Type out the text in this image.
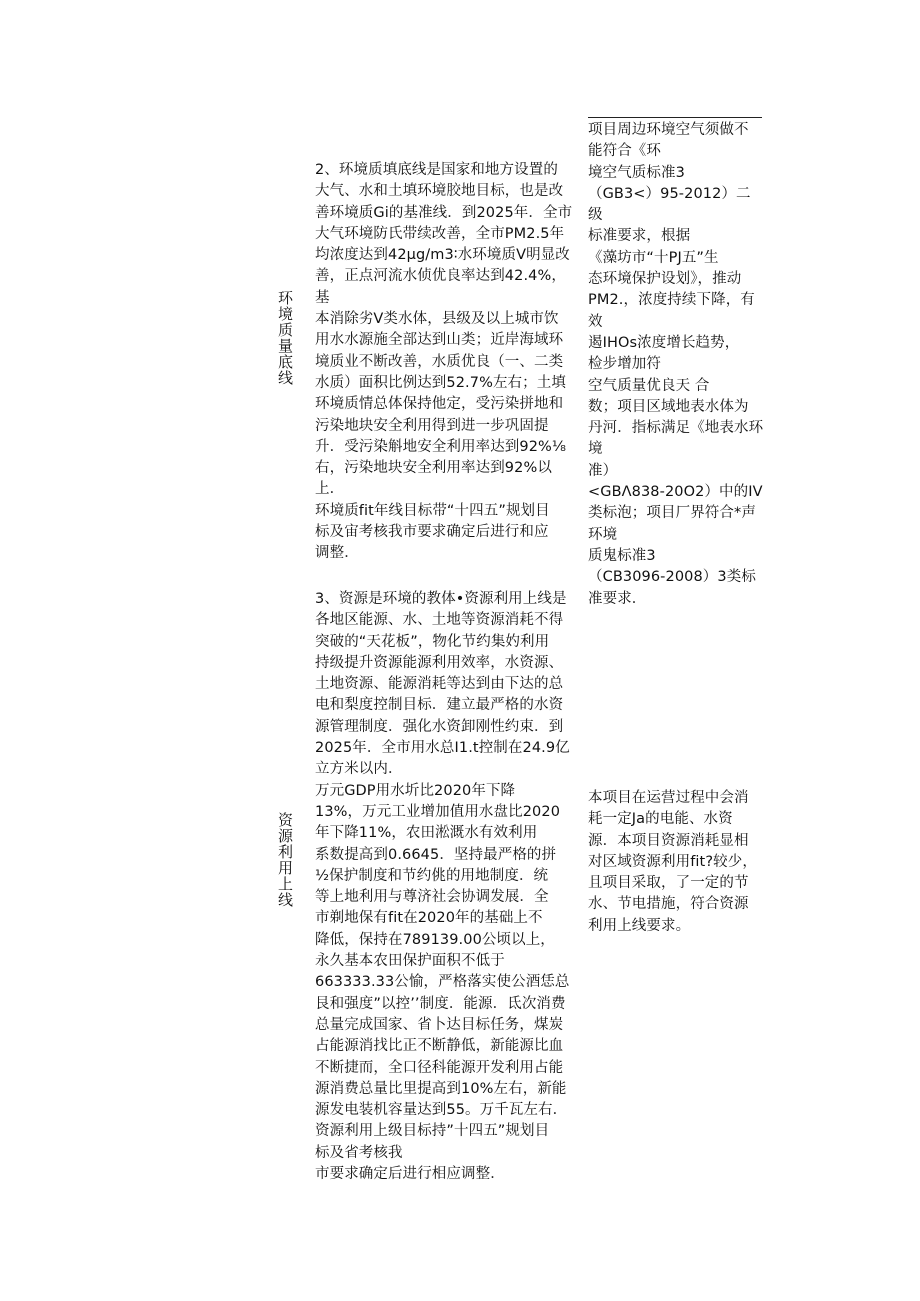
环境质量底线
2、环境质填底线是国家和地方设置的
大气、水和土填环境胶地目标，也是改
善环境质Gi的基准线．到2025年．全市
大气环境防氏带续改善，全市PM2.5年
均浓度达到42μg∕m3∶水环境质V明显改
善，正点河流水侦优良率达到42.4%，基
本消除劣V类水体，县级及以上城市饮
用水水源施全部达到山类；近岸海域环
境质业不断改善，水质优良（一、二类
水质）面积比例达到52.7%左右；土填
环境质情总体保持他定，受污染拼地和
污染地块安全利用得到进一步巩固提
升．受污染斛地安全利用率达到92%⅛
右，污染地块安全利用率达到92%以上．
环境质fit年线目标带“十四五”规划目
标及宙考核我市要求确定后进行和应
调整．
项目周边环境空气须做不
能符合《环
境空气质标准3
（GB3<）95-2012）二级
标准要求，根据
《藻坊市“十PJ五”生
态环境保护设划》，推动
PM2.，浓度持续下降，有效
遏IHOs浓度增长趋势，
检步增加符
空气质量优良天 合
数；项目区域地表水体为
丹河．指标满足《地表水环
境
准）
<GBΛ838-20O2）中的IV
类标泡；项目厂界符合*声
环境
质鬼标准3
（CB3096-2008）3类标
准要求．
资源利用上线
3、资源是环境的教体•资源利用上线是
各地区能源、水、土地等资源消耗不得
突破的“天花板”，物化节约集妁利用
持级提升资源能源利用效率，水资源、
土地资源、能源消耗等达到由下达的总
电和梨度控制目标．建立最严格的水资
源管理制度．强化水资卸刚性约束．到
2025年．全市用水总I1.t控制在24.9亿
立方米以内．
万元GDP用水圻比2020年下降
13%，万元工业增加值用水盘比2020
年下降11%，农田淞溉水有效利用
系数提高到0.6645．坚持最严格的拼
½保护制度和节约佻的用地制度．统
等上地利用与尊济社会协调发展．全
市剃地保有fit在2020年的基础上不
降低，保持在789139.00公顷以上，
永久基本农田保护面积不低于
663333.33公愉，严格落实使公酒恁总
艮和强度”以控’’制度．能源．氐次消费
总量完成国家、省卜达目标任务，煤炭
占能源消找比正不断静低，新能源比血
不断捷而，全口径科能源开发利用占能
源消费总量比里提高到10%左右，新能
源发电装机容量达到55。万千瓦左右．
资源利用上级目标持”十四五”规划目
标及省考核我
市要求确定后进行相应调整．
本项目在运营过程中会消
耗一定Ja的电能、水资
源．本项目资源消耗显相
对区域资源利用fit?较少，
且项目采取，了一定的节
水、节电措施，符合资源
利用上线要求。
